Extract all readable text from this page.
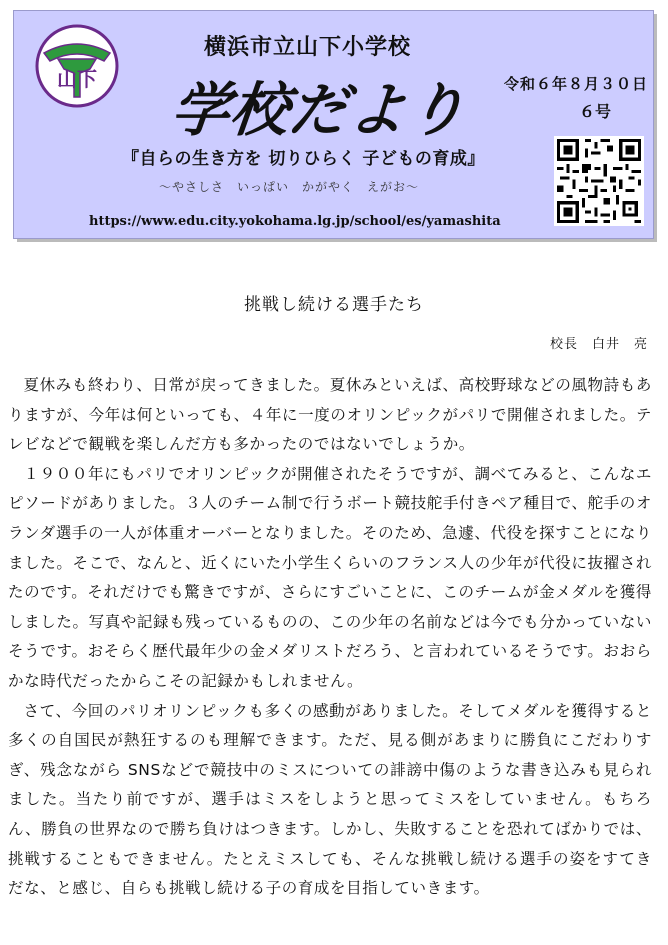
山下
横浜市立山下小学校
学校だより 令和６年８月３０日
６号
『自らの生き方を 切りひらく 子どもの育成』
～やさしさ　いっぱい　かがやく　えがお～
https://www.edu.city.yokohama.lg.jp/school/es/yamashita
挑戦し続ける選手たち
校長　白井　亮

夏休みも終わり、日常が戻ってきました。夏休みといえば、高校野球などの風物詩もありますが、今年は何といっても、４年に一度のオリンピックがパリで開催されました。テレビなどで観戦を楽しんだ方も多かったのではないでしょうか。

１９００年にもパリでオリンピックが開催されたそうですが、調べてみると、こんなエピソードがありました。３人のチーム制で行うボート競技舵手付きペア種目で、舵手のオランダ選手の一人が体重オーバーとなりました。そのため、急遽、代役を探すことになりました。そこで、なんと、近くにいた小学生くらいのフランス人の少年が代役に抜擢されたのです。それだけでも驚きですが、さらにすごいことに、このチームが金メダルを獲得しました。写真や記録も残っているものの、この少年の名前などは今でも分かっていないそうです。おそらく歴代最年少の金メダリストだろう、と言われているそうです。おおらかな時代だったからこその記録かもしれません。

さて、今回のパリオリンピックも多くの感動がありました。そしてメダルを獲得すると多くの自国民が熱狂するのも理解できます。ただ、見る側があまりに勝負にこだわりすぎ、残念ながら SNSなどで競技中のミスについての誹謗中傷のような書き込みも見られました。当たり前ですが、選手はミスをしようと思ってミスをしていません。もちろん、勝負の世界なので勝ち負けはつきます。しかし、失敗することを恐れてばかりでは、挑戦することもできません。たとえミスしても、そんな挑戦し続ける選手の姿をすてきだな、と感じ、自らも挑戦し続ける子の育成を目指していきます。
